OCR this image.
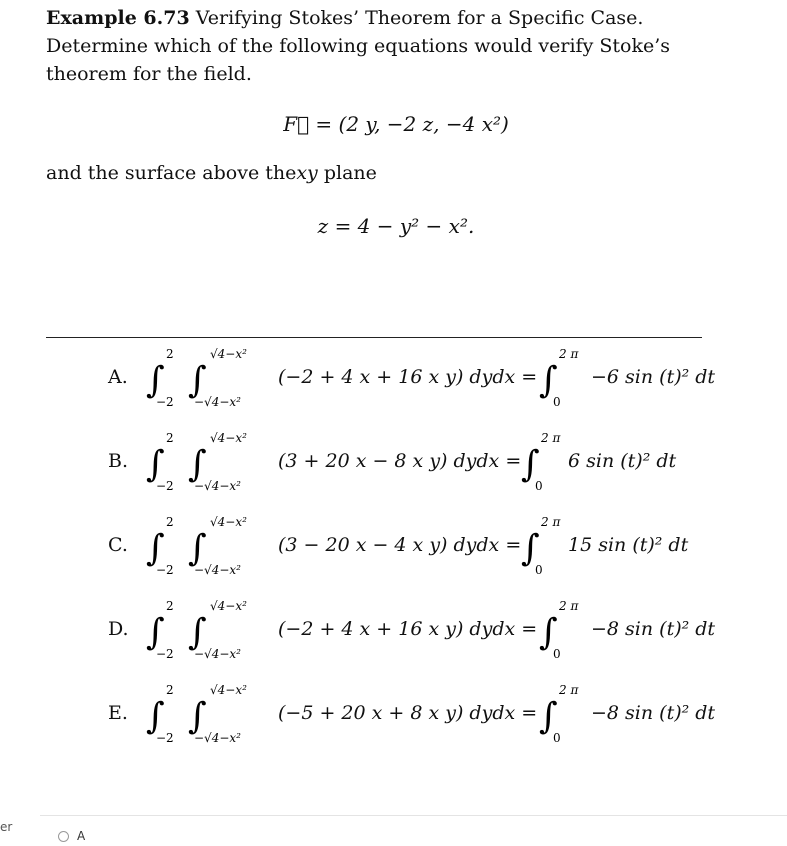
Example 6.73 Verifying Stokes’ Theorem for a Specific Case. Determine which of the following equations would verify Stoke’s theorem for the field.
F⃗ = (2 y, −2 z, −4 x²)
and the surface above thexy plane
z = 4 − y² − x².
A. ∫
2
−2
∫
√4−x²
−√4−x²
(−2 + 4 x + 16 x y) dydx = ∫
2 π
0
−6 sin (t)² dt
B. ∫
2
−2
∫
√4−x²
−√4−x²
(3 + 20 x − 8 x y) dydx = ∫
2 π
0
6 sin (t)² dt
C. ∫
2
−2
∫
√4−x²
−√4−x²
(3 − 20 x − 4 x y) dydx = ∫
2 π
0
15 sin (t)² dt
D. ∫
2
−2
∫
√4−x²
−√4−x²
(−2 + 4 x + 16 x y) dydx = ∫
2 π
0
−8 sin (t)² dt
E. ∫
2
−2
∫
√4−x²
−√4−x²
(−5 + 20 x + 8 x y) dydx = ∫
2 π
0
−8 sin (t)² dt
er
A
